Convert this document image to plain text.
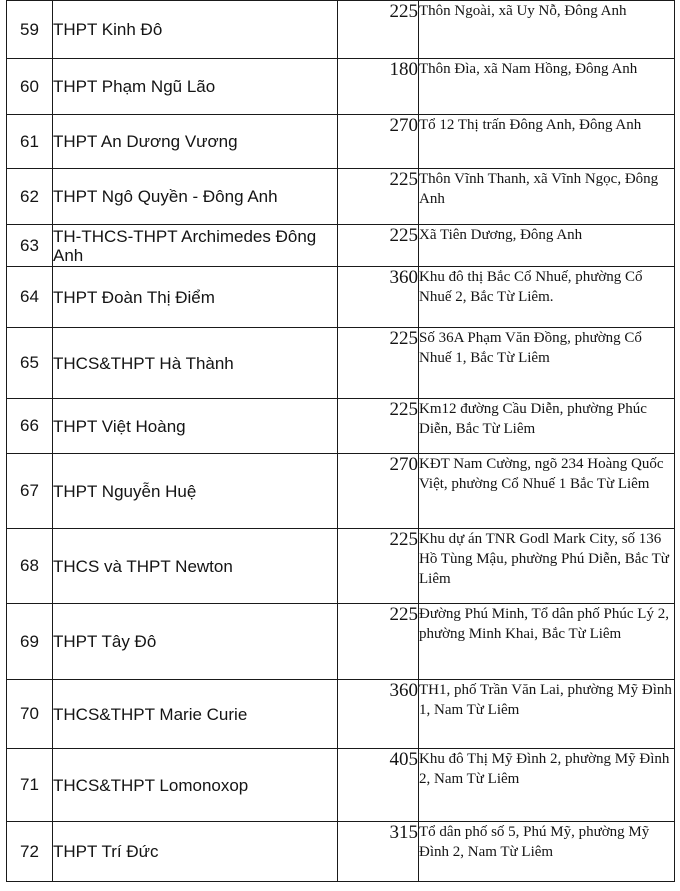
59	THPT Kinh Đô	225	Thôn Ngoài, xã Uy Nỗ, Đông Anh
60	THPT Phạm Ngũ Lão	180	Thôn Đìa, xã Nam Hồng, Đông Anh
61	THPT An Dương Vương	270	Tổ 12 Thị trấn Đông Anh, Đông Anh
62	THPT Ngô Quyền - Đông Anh	225	Thôn Vĩnh Thanh, xã Vĩnh Ngọc, Đông Anh
63	TH-THCS-THPT Archimedes Đông Anh	225	Xã Tiên Dương, Đông Anh
64	THPT Đoàn Thị Điểm	360	Khu đô thị Bắc Cổ Nhuế, phường Cổ Nhuế 2, Bắc Từ Liêm.
65	THCS&THPT Hà Thành	225	Số 36A Phạm Văn Đồng, phường Cổ Nhuế 1, Bắc Từ Liêm
66	THPT Việt Hoàng	225	Km12 đường Cầu Diễn, phường Phúc Diễn, Bắc Từ Liêm
67	THPT Nguyễn Huệ	270	KĐT Nam Cường, ngõ 234 Hoàng Quốc Việt, phường Cổ Nhuế 1 Bắc Từ Liêm
68	THCS và THPT Newton	225	Khu dự án TNR Godl Mark City, số 136 Hồ Tùng Mậu, phường Phú Diễn, Bắc Từ Liêm
69	THPT Tây Đô	225	Đường Phú Minh, Tổ dân phố Phúc Lý 2, phường Minh Khai, Bắc Từ Liêm
70	THCS&THPT Marie Curie	360	TH1, phố Trần Văn Lai, phường Mỹ Đình 1, Nam Từ Liêm
71	THCS&THPT Lomonoxop	405	Khu đô Thị Mỹ Đình 2, phường Mỹ Đình 2, Nam Từ Liêm
72	THPT Trí Đức	315	Tổ dân phố số 5, Phú Mỹ, phường Mỹ Đình 2, Nam Từ Liêm
